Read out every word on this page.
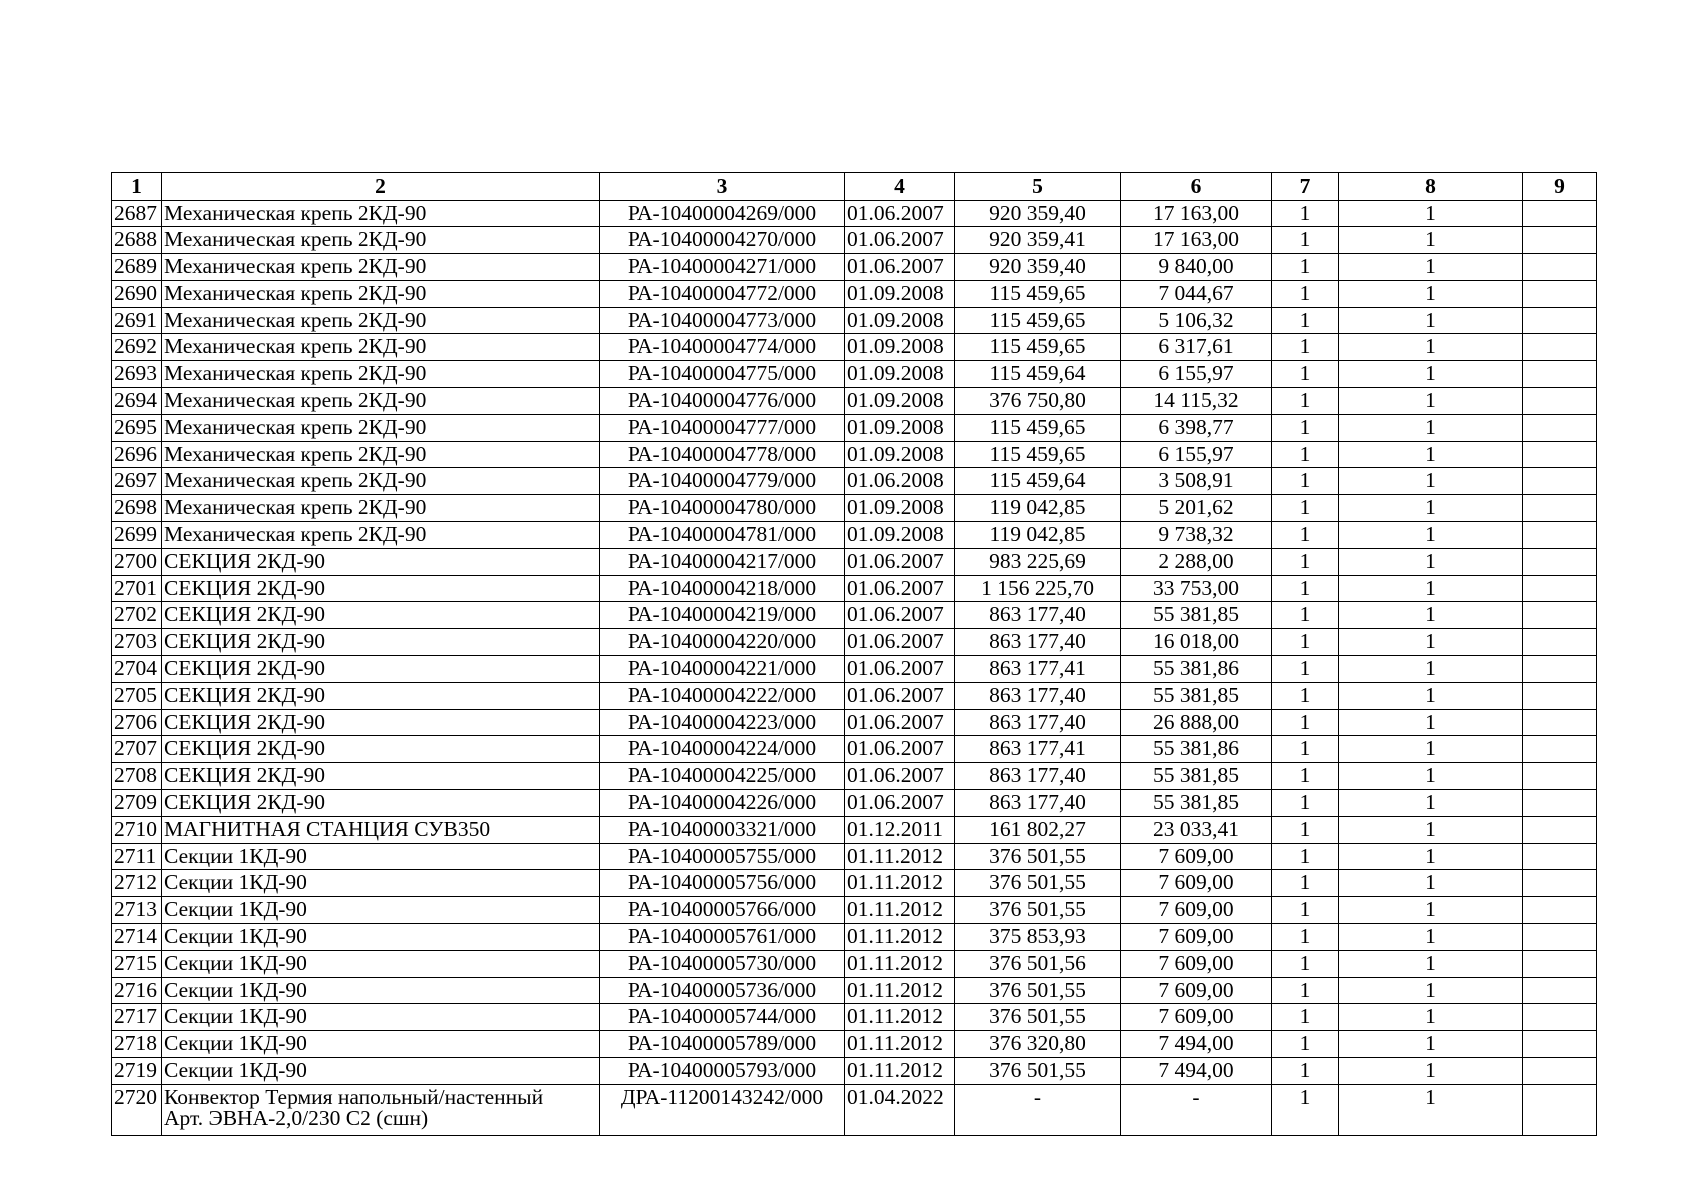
1	2	3	4	5	6	7	8	9
2687	Механическая крепь 2КД-90	РА-10400004269/000	01.06.2007	920 359,40	17 163,00	1	1	
2688	Механическая крепь 2КД-90	РА-10400004270/000	01.06.2007	920 359,41	17 163,00	1	1	
2689	Механическая крепь 2КД-90	РА-10400004271/000	01.06.2007	920 359,40	9 840,00	1	1	
2690	Механическая крепь 2КД-90	РА-10400004772/000	01.09.2008	115 459,65	7 044,67	1	1	
2691	Механическая крепь 2КД-90	РА-10400004773/000	01.09.2008	115 459,65	5 106,32	1	1	
2692	Механическая крепь 2КД-90	РА-10400004774/000	01.09.2008	115 459,65	6 317,61	1	1	
2693	Механическая крепь 2КД-90	РА-10400004775/000	01.09.2008	115 459,64	6 155,97	1	1	
2694	Механическая крепь 2КД-90	РА-10400004776/000	01.09.2008	376 750,80	14 115,32	1	1	
2695	Механическая крепь 2КД-90	РА-10400004777/000	01.09.2008	115 459,65	6 398,77	1	1	
2696	Механическая крепь 2КД-90	РА-10400004778/000	01.09.2008	115 459,65	6 155,97	1	1	
2697	Механическая крепь 2КД-90	РА-10400004779/000	01.06.2008	115 459,64	3 508,91	1	1	
2698	Механическая крепь 2КД-90	РА-10400004780/000	01.09.2008	119 042,85	5 201,62	1	1	
2699	Механическая крепь 2КД-90	РА-10400004781/000	01.09.2008	119 042,85	9 738,32	1	1	
2700	СЕКЦИЯ 2КД-90	РА-10400004217/000	01.06.2007	983 225,69	2 288,00	1	1	
2701	СЕКЦИЯ 2КД-90	РА-10400004218/000	01.06.2007	1 156 225,70	33 753,00	1	1	
2702	СЕКЦИЯ 2КД-90	РА-10400004219/000	01.06.2007	863 177,40	55 381,85	1	1	
2703	СЕКЦИЯ 2КД-90	РА-10400004220/000	01.06.2007	863 177,40	16 018,00	1	1	
2704	СЕКЦИЯ 2КД-90	РА-10400004221/000	01.06.2007	863 177,41	55 381,86	1	1	
2705	СЕКЦИЯ 2КД-90	РА-10400004222/000	01.06.2007	863 177,40	55 381,85	1	1	
2706	СЕКЦИЯ 2КД-90	РА-10400004223/000	01.06.2007	863 177,40	26 888,00	1	1	
2707	СЕКЦИЯ 2КД-90	РА-10400004224/000	01.06.2007	863 177,41	55 381,86	1	1	
2708	СЕКЦИЯ 2КД-90	РА-10400004225/000	01.06.2007	863 177,40	55 381,85	1	1	
2709	СЕКЦИЯ 2КД-90	РА-10400004226/000	01.06.2007	863 177,40	55 381,85	1	1	
2710	МАГНИТНАЯ СТАНЦИЯ СУВ350	РА-10400003321/000	01.12.2011	161 802,27	23 033,41	1	1	
2711	Секции 1КД-90	РА-10400005755/000	01.11.2012	376 501,55	7 609,00	1	1	
2712	Секции 1КД-90	РА-10400005756/000	01.11.2012	376 501,55	7 609,00	1	1	
2713	Секции 1КД-90	РА-10400005766/000	01.11.2012	376 501,55	7 609,00	1	1	
2714	Секции 1КД-90	РА-10400005761/000	01.11.2012	375 853,93	7 609,00	1	1	
2715	Секции 1КД-90	РА-10400005730/000	01.11.2012	376 501,56	7 609,00	1	1	
2716	Секции 1КД-90	РА-10400005736/000	01.11.2012	376 501,55	7 609,00	1	1	
2717	Секции 1КД-90	РА-10400005744/000	01.11.2012	376 501,55	7 609,00	1	1	
2718	Секции 1КД-90	РА-10400005789/000	01.11.2012	376 320,80	7 494,00	1	1	
2719	Секции 1КД-90	РА-10400005793/000	01.11.2012	376 501,55	7 494,00	1	1	
2720	Конвектор Термия напольный/настенный
Арт. ЭВНА-2,0/230 С2 (сшн)	ДРА-11200143242/000	01.04.2022	-	-	1	1	
